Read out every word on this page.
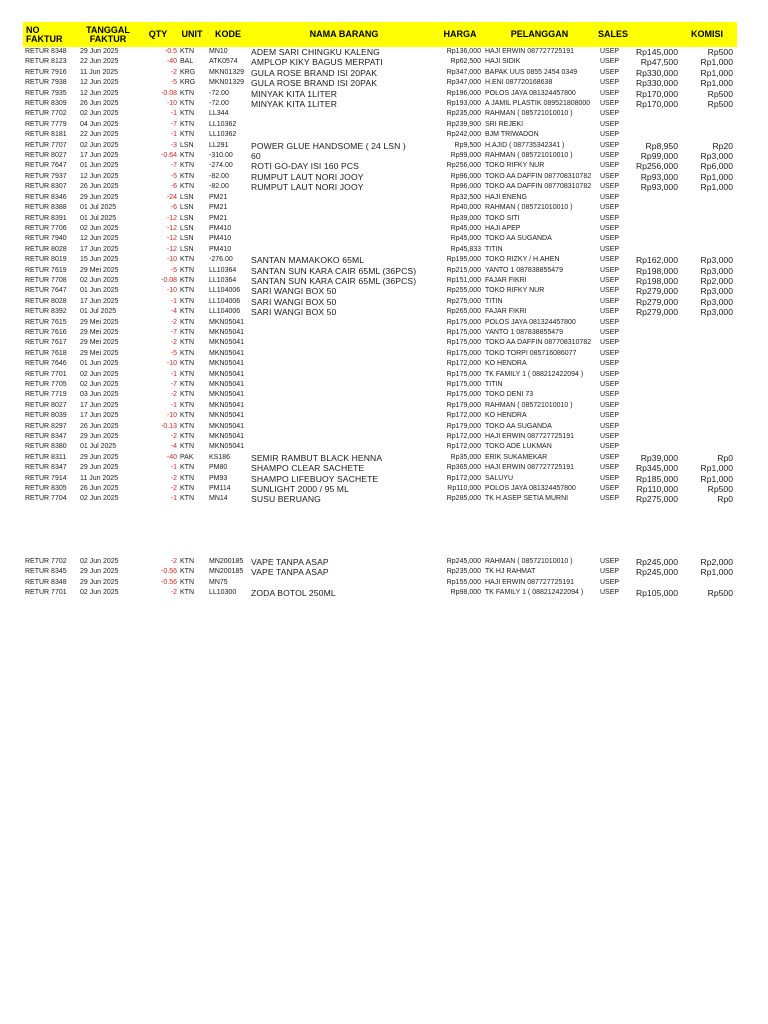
NO FAKTUR	TANGGAL FAKTUR	QTY	UNIT	KODE	NAMA BARANG	HARGA	PELANGGAN	SALES		KOMISI
RETUR 8348	29 Jun 2025	-0.5	KTN	MN10	ADEM SARI CHINGKU KALENG	Rp136,000	HAJI ERWIN 087727725191	USEP	Rp145,000	Rp500
RETUR 8123	22 Jun 2025	-40	BAL	ATK0574	AMPLOP KIKY BAGUS MERPATI	Rp62,500	HAJI SIDIK	USEP	Rp47,500	Rp1,000
RETUR 7916	11 Jun 2025	-2	KRG	MKN01329	GULA ROSE BRAND ISI 20PAK	Rp347,000	BAPAK UUS 0855 2454 0349	USEP	Rp330,000	Rp1,000
RETUR 7938	12 Jun 2025	-5	KRG	MKN01329	GULA ROSE BRAND ISI 20PAK	Rp347,000	H.ENI 087720168638	USEP	Rp330,000	Rp1,000
RETUR 7935	12 Jun 2025	-0.08	KTN	-72.00	MINYAK KITA 1LITER	Rp196,000	POLOS JAYA 081324457800	USEP	Rp170,000	Rp500
RETUR 8309	26 Jun 2025	-10	KTN	-72.00	MINYAK KITA 1LITER	Rp193,000	A JAMIL PLASTIK 089521808000	USEP	Rp170,000	Rp500
RETUR 7702	02 Jun 2025	-1	KTN	LL344		Rp235,000	RAHMAN ( 085721010010 )	USEP		
RETUR 7779	04 Jun 2025	-7	KTN	LL10362		Rp239,900	SRI REJEKI	USEP		
RETUR 8181	22 Jun 2025	-1	KTN	LL10362		Rp242,000	BJM TRIWADON	USEP		
RETUR 7707	02 Jun 2025	-3	LSN	LL291	POWER GLUE HANDSOME ( 24 LSN )	Rp9,500	H.AJID ( 087735342341 )	USEP	Rp8,950	Rp20
RETUR 8027	17 Jun 2025	-0.64	KTN	-310.00	60	Rp99,000	RAHMAN ( 085721010010 )	USEP	Rp99,000	Rp3,000
RETUR 7647	01 Jun 2025	-7	KTN	-274.00	ROTI GO-DAY ISI 160 PCS	Rp256,000	TOKO RIFKY NUR	USEP	Rp256,000	Rp6,000
RETUR 7937	12 Jun 2025	-5	KTN	-82.00	RUMPUT LAUT NORI JOOY	Rp96,000	TOKO AA DAFFIN 087708310782	USEP	Rp93,000	Rp1,000
RETUR 8307	26 Jun 2025	-6	KTN	-82.00	RUMPUT LAUT NORI JOOY	Rp96,000	TOKO AA DAFFIN 087708310782	USEP	Rp93,000	Rp1,000
RETUR 8346	29 Jun 2025	-24	LSN	PM21		Rp32,500	HAJI ENENG	USEP		
RETUR 8388	01 Jul 2025	-6	LSN	PM21		Rp40,000	RAHMAN ( 085721010010 )	USEP		
RETUR 8391	01 Jul 2025	-12	LSN	PM21		Rp39,000	TOKO SITI	USEP		
RETUR 7706	02 Jun 2025	-12	LSN	PM410		Rp45,000	HAJI APEP	USEP		
RETUR 7940	12 Jun 2025	-12	LSN	PM410		Rp45,000	TOKO AA SUGANDA	USEP		
RETUR 8028	17 Jun 2025	-12	LSN	PM410		Rp45,833	TITIN	USEP		
RETUR 8019	15 Jun 2025	-10	KTN	-276.00	SANTAN MAMAKOKO 65ML	Rp195,000	TOKO RIZKY / H.AHEN	USEP	Rp162,000	Rp3,000
RETUR 7619	29 Mei 2025	-5	KTN	LL10364	SANTAN SUN KARA CAIR 65ML (36PCS)	Rp215,000	YANTO 1 087838855479	USEP	Rp198,000	Rp3,000
RETUR 7708	02 Jun 2025	-0.08	KTN	LL10364	SANTAN SUN KARA CAIR 65ML (36PCS)	Rp151,000	FAJAR FIKRI	USEP	Rp198,000	Rp2,000
RETUR 7647	01 Jun 2025	-10	KTN	LL104006	SARI WANGI BOX 50	Rp255,000	TOKO RIFKY NUR	USEP	Rp279,000	Rp3,000
RETUR 8028	17 Jun 2025	-1	KTN	LL104006	SARI WANGI BOX 50	Rp275,000	TITIN	USEP	Rp279,000	Rp3,000
RETUR 8392	01 Jul 2025	-4	KTN	LL104006	SARI WANGI BOX 50	Rp265,000	FAJAR FIKRI	USEP	Rp279,000	Rp3,000
RETUR 7615	29 Mei 2025	-2	KTN	MKN05041		Rp175,000	POLOS JAYA 081324457800	USEP		
RETUR 7616	29 Mei 2025	-7	KTN	MKN05041		Rp175,000	YANTO 1 087838855479	USEP		
RETUR 7617	29 Mei 2025	-2	KTN	MKN05041		Rp175,000	TOKO AA DAFFIN 087708310782	USEP		
RETUR 7618	29 Mei 2025	-5	KTN	MKN05041		Rp175,000	TOKO TORPI 085716086077	USEP		
RETUR 7646	01 Jun 2025	-10	KTN	MKN05041		Rp172,000	KO HENDRA	USEP		
RETUR 7701	02 Jun 2025	-1	KTN	MKN05041		Rp175,000	TK FAMILY 1 ( 088212422094 )	USEP		
RETUR 7705	02 Jun 2025	-7	KTN	MKN05041		Rp175,000	TITIN	USEP		
RETUR 7719	03 Jun 2025	-2	KTN	MKN05041		Rp175,000	TOKO DENI 73	USEP		
RETUR 8027	17 Jun 2025	-1	KTN	MKN05041		Rp179,000	RAHMAN ( 085721010010 )	USEP		
RETUR 8039	17 Jun 2025	-10	KTN	MKN05041		Rp172,000	KO HENDRA	USEP		
RETUR 8297	26 Jun 2025	-0.13	KTN	MKN05041		Rp179,000	TOKO AA SUGANDA	USEP		
RETUR 8347	29 Jun 2025	-2	KTN	MKN05041		Rp172,000	HAJI ERWIN 087727725191	USEP		
RETUR 8380	01 Jul 2025	-4	KTN	MKN05041		Rp172,000	TOKO ADE LUKMAN	USEP		
RETUR 8311	29 Jun 2025	-40	PAK	KS186	SEMIR RAMBUT BLACK HENNA	Rp35,000	ERIK SUKAMEKAR	USEP	Rp39,000	Rp0
RETUR 8347	29 Jun 2025	-1	KTN	PM80	SHAMPO CLEAR SACHETE	Rp365,000	HAJI ERWIN 087727725191	USEP	Rp345,000	Rp1,000
RETUR 7914	11 Jun 2025	-2	KTN	PM93	SHAMPO LIFEBUOY SACHETE	Rp172,000	SALUYU	USEP	Rp185,000	Rp1,000
RETUR 8305	26 Jun 2025	-2	KTN	PM114	SUNLIGHT 2000 / 95 ML	Rp110,000	POLOS JAYA 081324457800	USEP	Rp110,000	Rp500
RETUR 7704	02 Jun 2025	-1	KTN	MN14	SUSU BERUANG	Rp285,000	TK H.ASEP SETIA MURNI	USEP	Rp275,000	Rp0

RETUR 7702	02 Jun 2025	-2	KTN	MN200185	VAPE TANPA ASAP	Rp245,000	RAHMAN ( 085721010010 )	USEP	Rp245,000	Rp2,000
RETUR 8345	29 Jun 2025	-0.56	KTN	MN200185	VAPE TANPA ASAP	Rp235,000	TK HJ RAHMAT	USEP	Rp245,000	Rp1,000
RETUR 8348	29 Jun 2025	-0.56	KTN	MN75		Rp155,000	HAJI ERWIN 087727725191	USEP		
RETUR 7701	02 Jun 2025	-2	KTN	LL10300	ZODA BOTOL 250ML	Rp98,000	TK FAMILY 1 ( 088212422094 )	USEP	Rp105,000	Rp500
